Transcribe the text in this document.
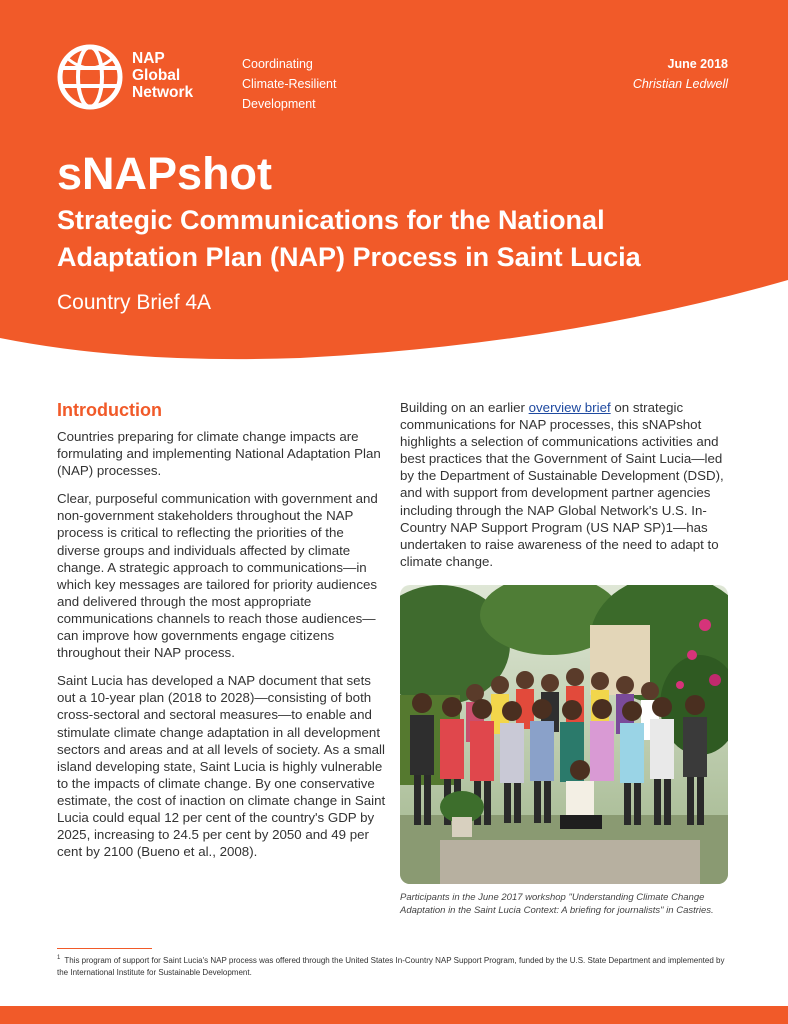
NAP
Global
Network
Coordinating
Climate-Resilient
Development
June 2018
Christian Ledwell
sNAPshot
Strategic Communications for the National
Adaptation Plan (NAP) Process in Saint Lucia
Country Brief 4A
Introduction

Countries preparing for climate change impacts are formulating and implementing National Adaptation Plan (NAP) processes.

Clear, purposeful communication with government and non-government stakeholders throughout the NAP process is critical to reflecting the priorities of the diverse groups and individuals affected by climate change. A strategic approach to communications—in which key messages are tailored for priority audiences and delivered through the most appropriate communications channels to reach those audiences—can improve how governments engage citizens throughout their NAP process.

Saint Lucia has developed a NAP document that sets out a 10-year plan (2018 to 2028)—consisting of both cross-sectoral and sectoral measures—to enable and stimulate climate change adaptation in all development sectors and areas and at all levels of society. As a small island developing state, Saint Lucia is highly vulnerable to the impacts of climate change. By one conservative estimate, the cost of inaction on climate change in Saint Lucia could equal 12 per cent of the country's GDP by 2025, increasing to 24.5 per cent by 2050 and 49 per cent by 2100 (Bueno et al., 2008).

Building on an earlier overview brief on strategic communications for NAP processes, this sNAPshot highlights a selection of communications activities and best practices that the Government of Saint Lucia—led by the Department of Sustainable Development (DSD), and with support from development partner agencies including through the NAP Global Network's U.S. In-Country NAP Support Program (US NAP SP)1—has undertaken to raise awareness of the need to adapt to climate change.

Participants in the June 2017 workshop "Understanding Climate Change Adaptation in the Saint Lucia Context: A briefing for journalists" in Castries.
$^1$ This program of support for Saint Lucia's NAP process was offered through the United States In-Country NAP Support Program, funded by the U.S. State Department and implemented by the International Institute for Sustainable Development.
